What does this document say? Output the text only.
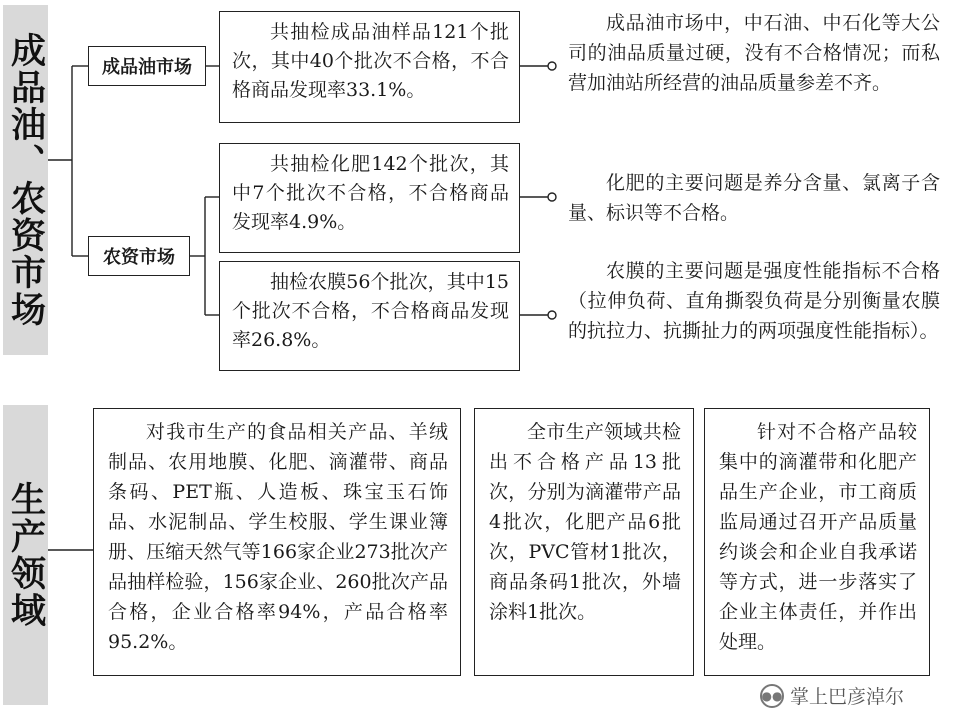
成品油、农资市场	成品油市场
农资市场
共抽检成品油样品121个批次，其中40个批次不合格，不合格商品发现率33.1%。
共抽检化肥142个批次，其中7个批次不合格，不合格商品发现率4.9%。
抽检农膜56个批次，其中15个批次不合格，不合格商品发现率26.8%。
成品油市场中，中石油、中石化等大公司的油品质量过硬，没有不合格情况；而私营加油站所经营的油品质量参差不齐。
化肥的主要问题是养分含量、氯离子含量、标识等不合格。
农膜的主要问题是强度性能指标不合格（拉伸负荷、直角撕裂负荷是分别衡量农膜的抗拉力、抗撕扯力的两项强度性能指标）。
生产领域
对我市生产的食品相关产品、羊绒制品、农用地膜、化肥、滴灌带、商品条码、PET瓶、人造板、珠宝玉石饰品、水泥制品、学生校服、学生课业簿册、压缩天然气等166家企业273批次产品抽样检验，156家企业、260批次产品合格，企业合格率94%，产品合格率95.2%。
全市生产领域共检出不合格产品13批次，分别为滴灌带产品4批次，化肥产品6批次，PVC管材1批次，商品条码1批次，外墙涂料1批次。
针对不合格产品较集中的滴灌带和化肥产品生产企业，市工商质监局通过召开产品质量约谈会和企业自我承诺等方式，进一步落实了企业主体责任，并作出处理。
●● 掌上巴彦淖尔
